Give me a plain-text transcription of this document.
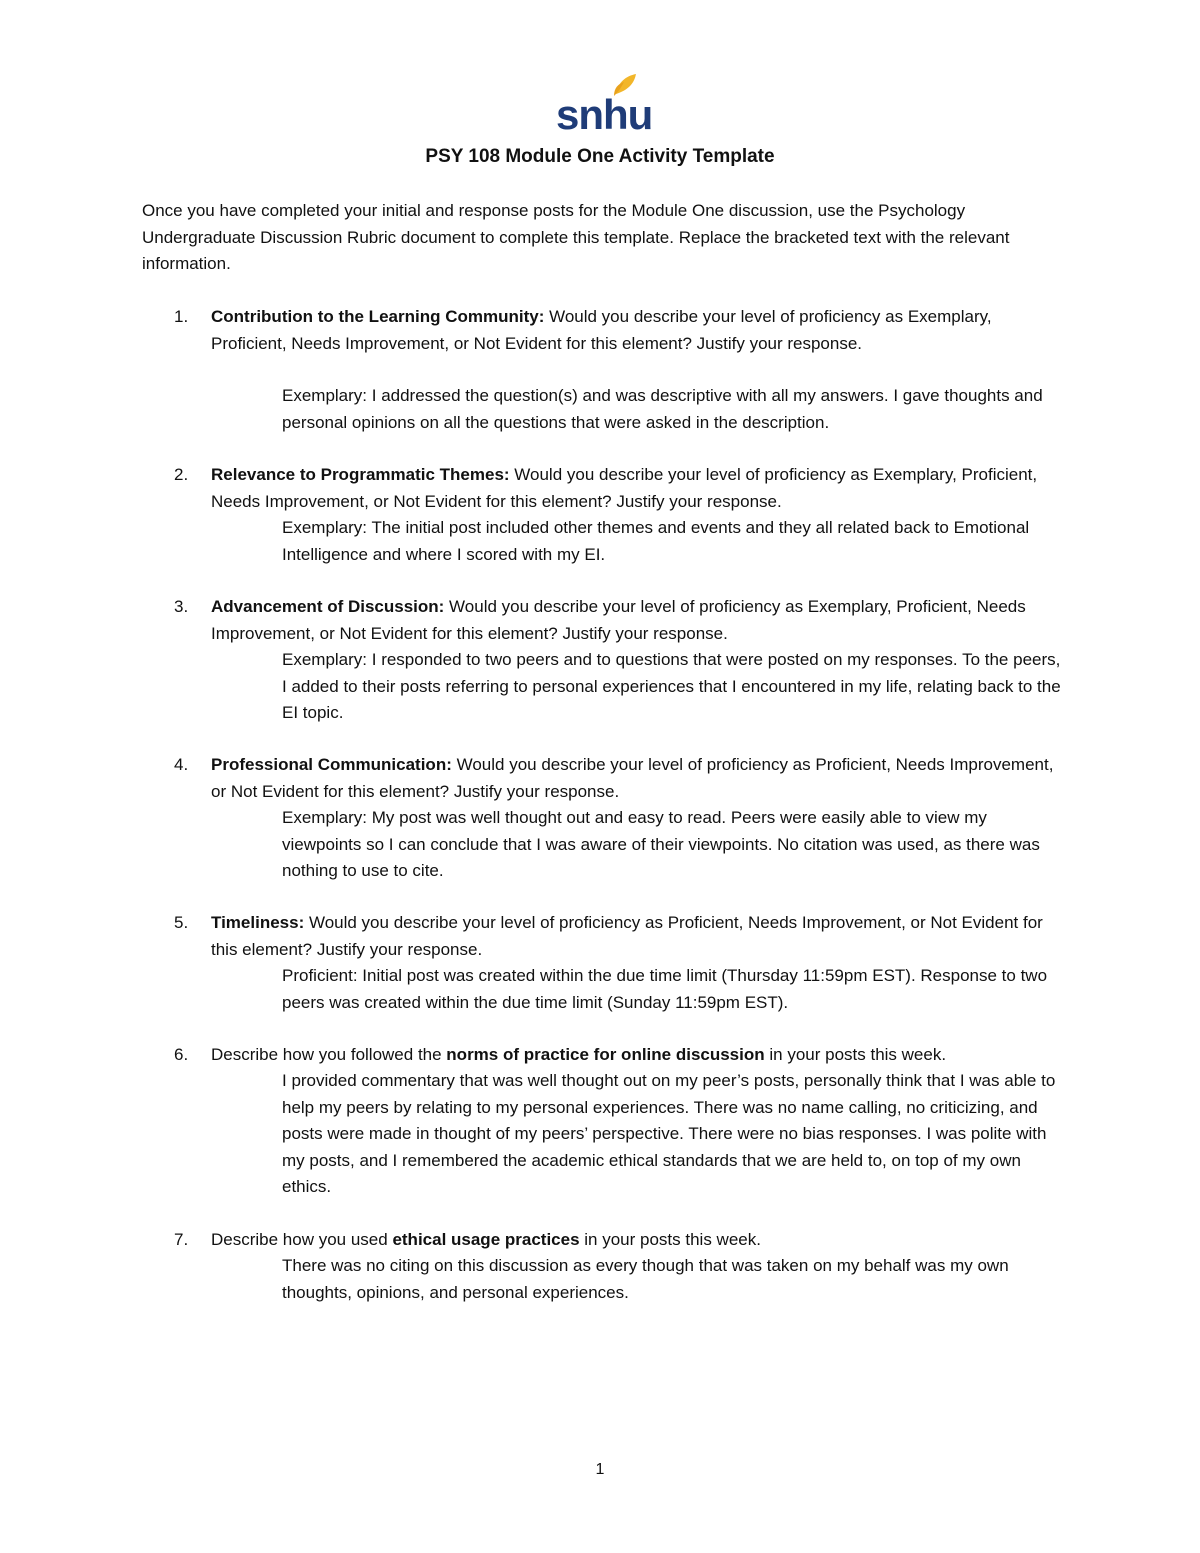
snhu
PSY 108 Module One Activity Template
Once you have completed your initial and response posts for the Module One discussion, use the Psychology Undergraduate Discussion Rubric document to complete this template. Replace the bracketed text with the relevant information.
1. Contribution to the Learning Community: Would you describe your level of proficiency as Exemplary, Proficient, Needs Improvement, or Not Evident for this element? Justify your response.
Exemplary: I addressed the question(s) and was descriptive with all my answers. I gave thoughts and personal opinions on all the questions that were asked in the description.
2. Relevance to Programmatic Themes: Would you describe your level of proficiency as Exemplary, Proficient, Needs Improvement, or Not Evident for this element? Justify your response.
Exemplary: The initial post included other themes and events and they all related back to Emotional Intelligence and where I scored with my EI.
3. Advancement of Discussion: Would you describe your level of proficiency as Exemplary, Proficient, Needs Improvement, or Not Evident for this element? Justify your response.
Exemplary: I responded to two peers and to questions that were posted on my responses. To the peers, I added to their posts referring to personal experiences that I encountered in my life, relating back to the EI topic.
4. Professional Communication: Would you describe your level of proficiency as Proficient, Needs Improvement, or Not Evident for this element? Justify your response.
Exemplary: My post was well thought out and easy to read. Peers were easily able to view my viewpoints so I can conclude that I was aware of their viewpoints. No citation was used, as there was nothing to use to cite.
5. Timeliness: Would you describe your level of proficiency as Proficient, Needs Improvement, or Not Evident for this element? Justify your response.
Proficient: Initial post was created within the due time limit (Thursday 11:59pm EST). Response to two peers was created within the due time limit (Sunday 11:59pm EST).
6. Describe how you followed the norms of practice for online discussion in your posts this week.
I provided commentary that was well thought out on my peer’s posts, personally think that I was able to help my peers by relating to my personal experiences. There was no name calling, no criticizing, and posts were made in thought of my peers’ perspective. There were no bias responses. I was polite with my posts, and I remembered the academic ethical standards that we are held to, on top of my own ethics.
7. Describe how you used ethical usage practices in your posts this week.
There was no citing on this discussion as every though that was taken on my behalf was my own thoughts, opinions, and personal experiences.
1
